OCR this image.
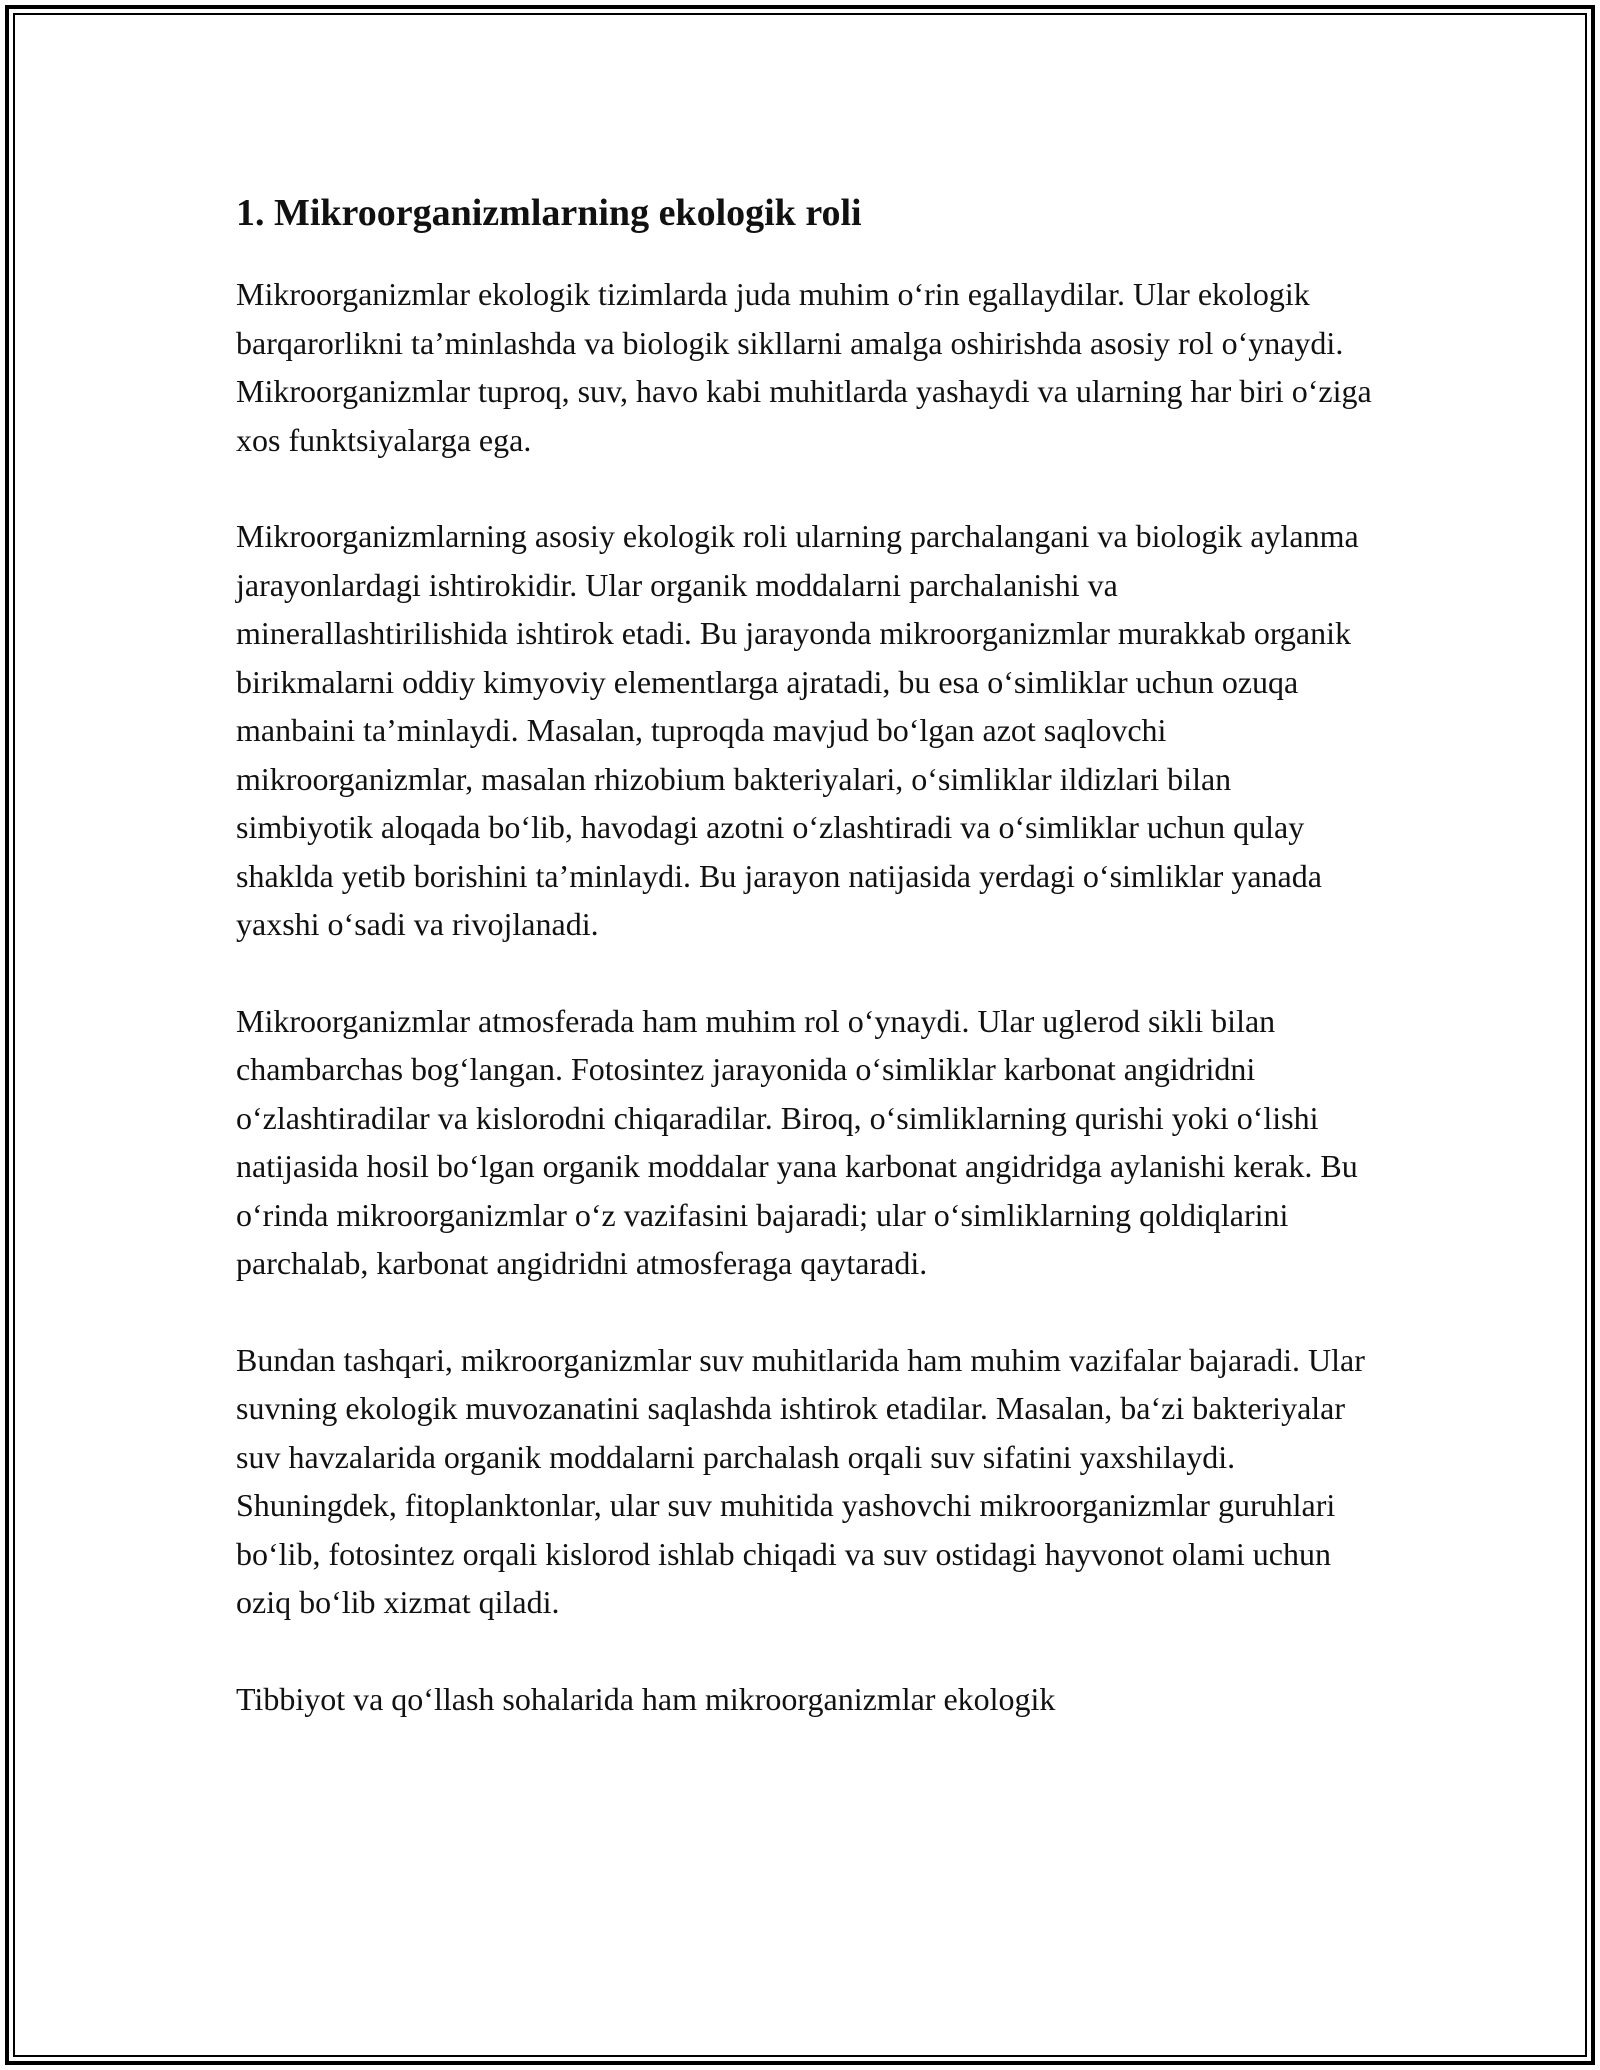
1. Mikroorganizmlarning ekologik roli

Mikroorganizmlar ekologik tizimlarda juda muhim o‘rin egallaydilar. Ular ekologik barqarorlikni ta’minlashda va biologik sikllarni amalga oshirishda asosiy rol o‘ynaydi. Mikroorganizmlar tuproq, suv, havo kabi muhitlarda yashaydi va ularning har biri o‘ziga xos funktsiyalarga ega.

Mikroorganizmlarning asosiy ekologik roli ularning parchalangani va biologik aylanma jarayonlardagi ishtirokidir. Ular organik moddalarni parchalanishi va minerallashtirilishida ishtirok etadi. Bu jarayonda mikroorganizmlar murakkab organik birikmalarni oddiy kimyoviy elementlarga ajratadi, bu esa o‘simliklar uchun ozuqa manbaini ta’minlaydi. Masalan, tuproqda mavjud bo‘lgan azot saqlovchi mikroorganizmlar, masalan rhizobium bakteriyalari, o‘simliklar ildizlari bilan simbiyotik aloqada bo‘lib, havodagi azotni o‘zlashtiradi va o‘simliklar uchun qulay shaklda yetib borishini ta’minlaydi. Bu jarayon natijasida yerdagi o‘simliklar yanada yaxshi o‘sadi va rivojlanadi.

Mikroorganizmlar atmosferada ham muhim rol o‘ynaydi. Ular uglerod sikli bilan chambarchas bog‘langan. Fotosintez jarayonida o‘simliklar karbonat angidridni o‘zlashtiradilar va kislorodni chiqaradilar. Biroq, o‘simliklarning qurishi yoki o‘lishi natijasida hosil bo‘lgan organik moddalar yana karbonat angidridga aylanishi kerak. Bu o‘rinda mikroorganizmlar o‘z vazifasini bajaradi; ular o‘simliklarning qoldiqlarini parchalab, karbonat angidridni atmosferaga qaytaradi.

Bundan tashqari, mikroorganizmlar suv muhitlarida ham muhim vazifalar bajaradi. Ular suvning ekologik muvozanatini saqlashda ishtirok etadilar. Masalan, ba‘zi bakteriyalar suv havzalarida organik moddalarni parchalash orqali suv sifatini yaxshilaydi. Shuningdek, fitoplanktonlar, ular suv muhitida yashovchi mikroorganizmlar guruhlari bo‘lib, fotosintez orqali kislorod ishlab chiqadi va suv ostidagi hayvonot olami uchun oziq bo‘lib xizmat qiladi.

Tibbiyot va qo‘llash sohalarida ham mikroorganizmlar ekologik
